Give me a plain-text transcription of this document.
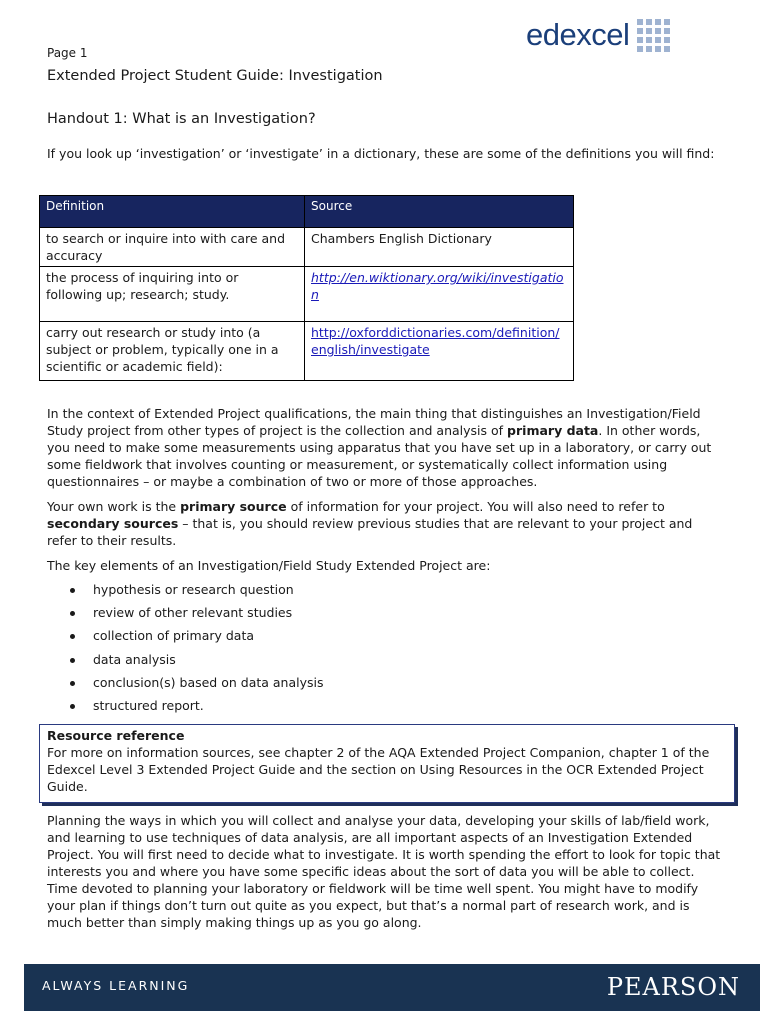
edexcel
Page 1
Extended Project Student Guide: Investigation
Handout 1: What is an Investigation?

If you look up ‘investigation’ or ‘investigate’ in a dictionary, these are some of the definitions you will find:

Definition	Source
to search or inquire into with care and accuracy	Chambers English Dictionary
the process of inquiring into or following up; research; study.	http://en.wiktionary.org/wiki/investigation
carry out research or study into (a subject or problem, typically one in a scientific or academic field):	http://oxforddictionaries.com/definition/english/investigate

In the context of Extended Project qualifications, the main thing that distinguishes an Investigation/Field Study project from other types of project is the collection and analysis of primary data. In other words, you need to make some measurements using apparatus that you have set up in a laboratory, or carry out some fieldwork that involves counting or measurement, or systematically collect information using questionnaires – or maybe a combination of two or more of those approaches.

Your own work is the primary source of information for your project. You will also need to refer to secondary sources – that is, you should review previous studies that are relevant to your project and refer to their results.

The key elements of an Investigation/Field Study Extended Project are:

hypothesis or research question
review of other relevant studies
collection of primary data
data analysis
conclusion(s) based on data analysis
structured report.
Resource reference
For more on information sources, see chapter 2 of the AQA Extended Project Companion, chapter 1 of the Edexcel Level 3 Extended Project Guide and the section on Using Resources in the OCR Extended Project Guide.

Planning the ways in which you will collect and analyse your data, developing your skills of lab/field work, and learning to use techniques of data analysis, are all important aspects of an Investigation Extended Project. You will first need to decide what to investigate. It is worth spending the effort to look for topic that interests you and where you have some specific ideas about the sort of data you will be able to collect. Time devoted to planning your laboratory or fieldwork will be time well spent. You might have to modify your plan if things don’t turn out quite as you expect, but that’s a normal part of research work, and is much better than simply making things up as you go along.

ALWAYS LEARNING	PEARSON
